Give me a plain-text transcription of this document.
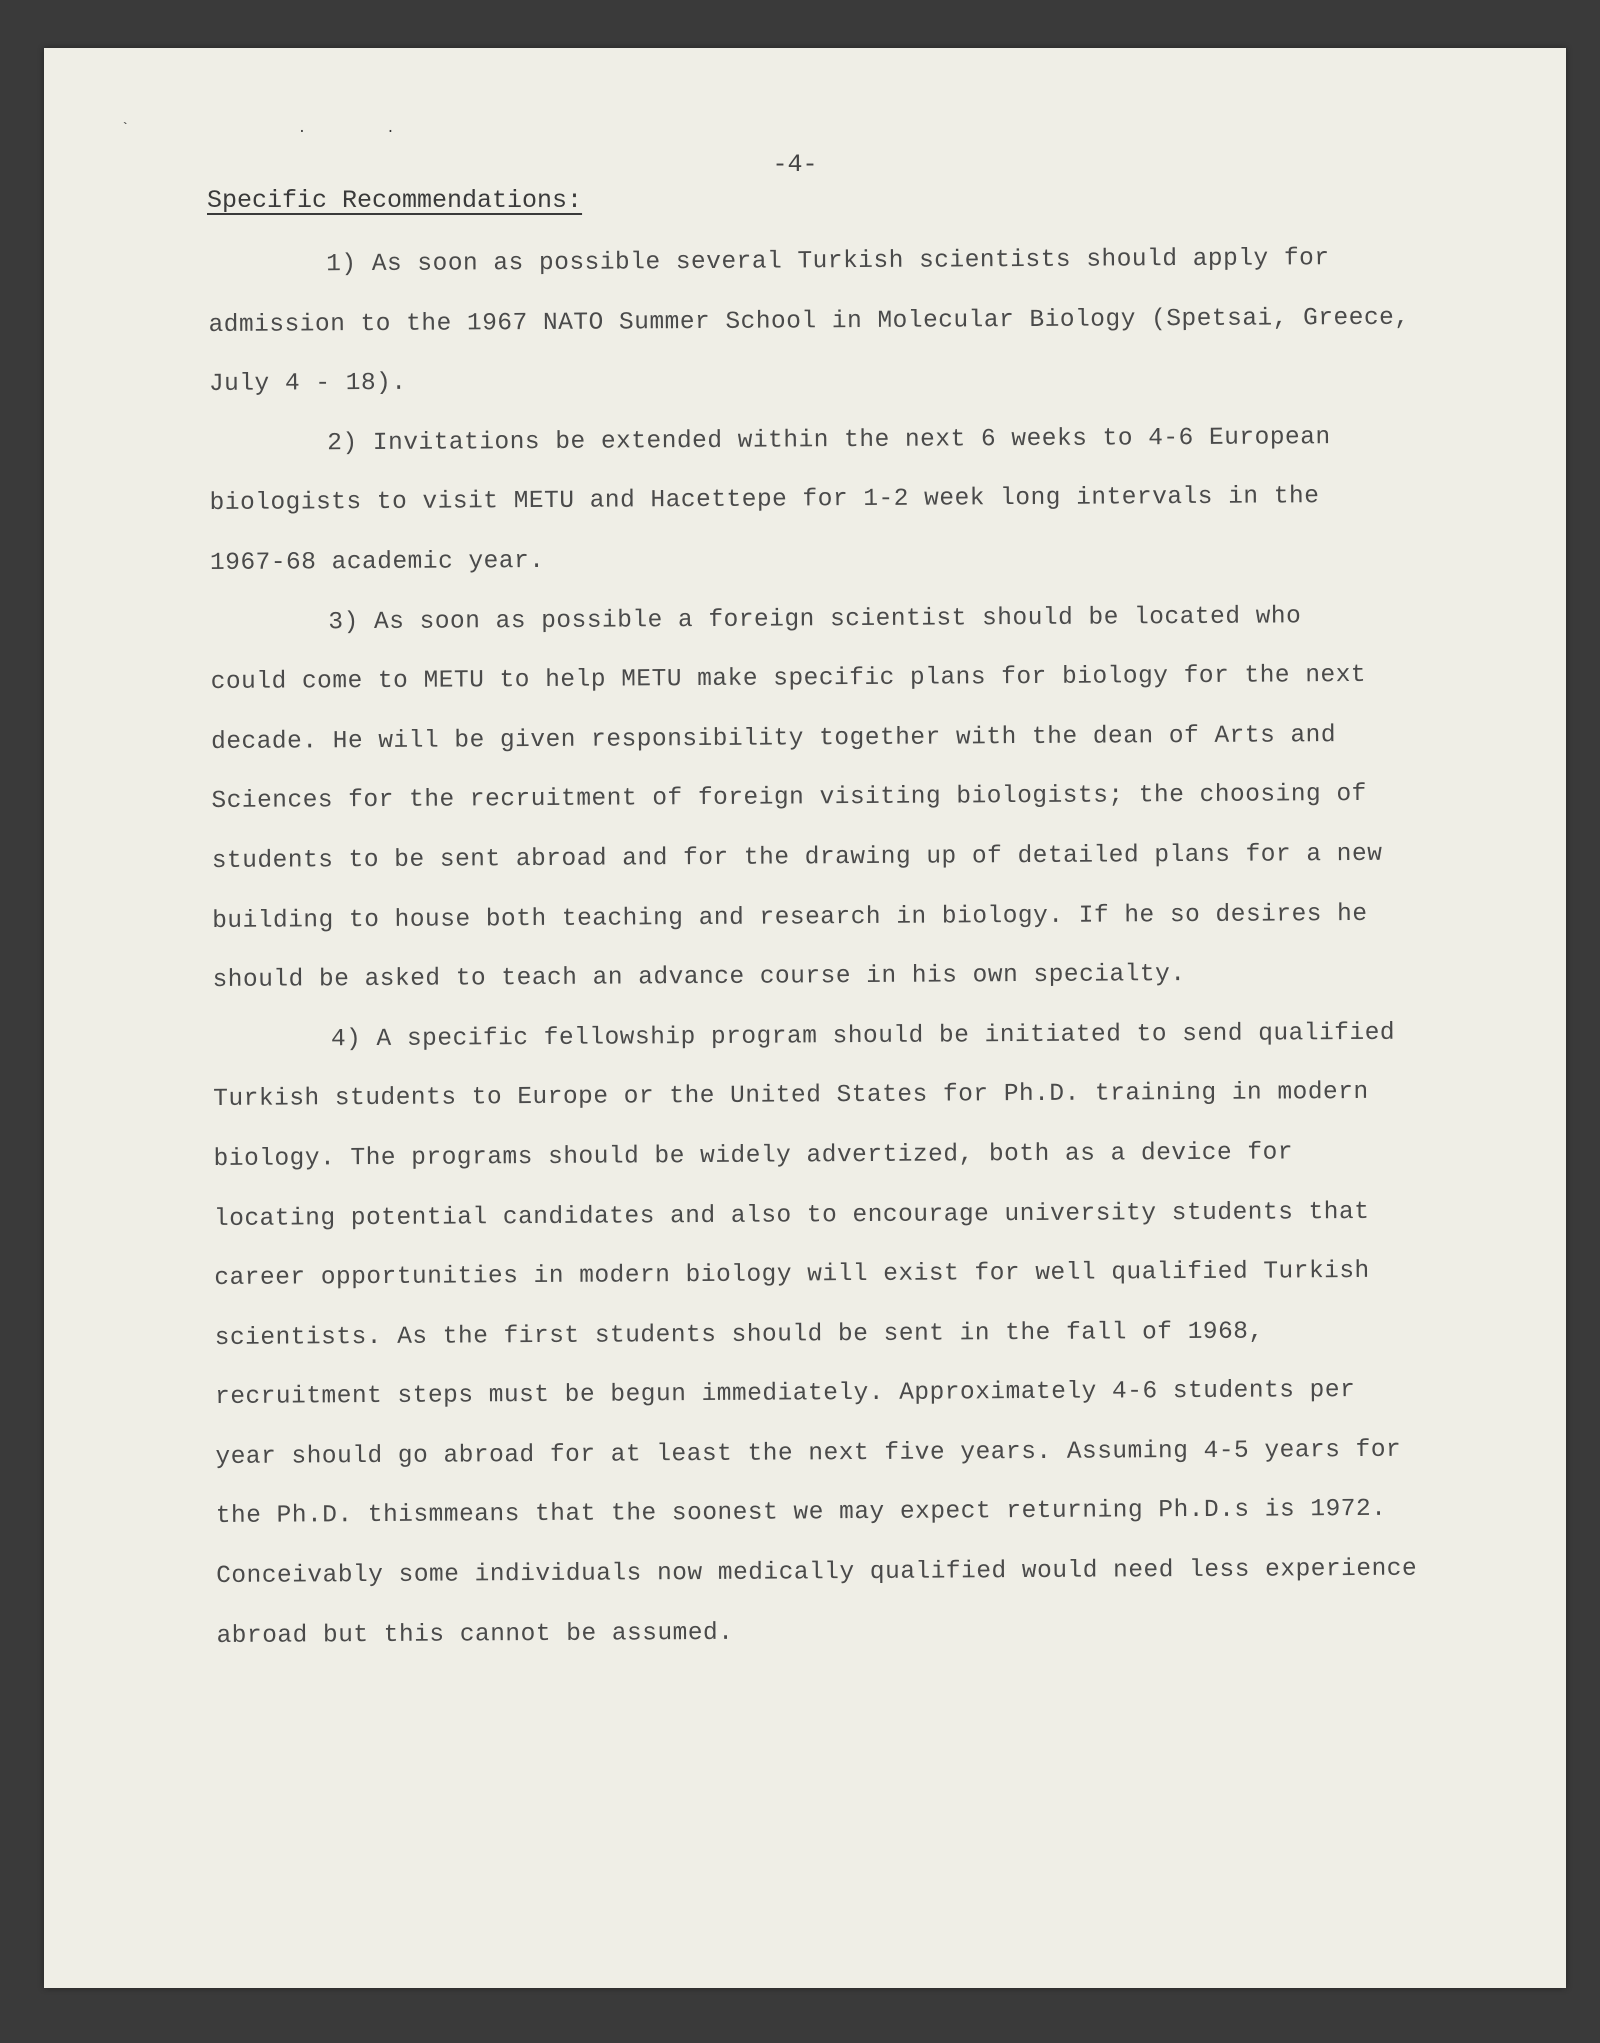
` ..
-4-
Specific Recommendations:
1) As soon as possible several Turkish scientists should apply for
admission to the 1967 NATO Summer School in Molecular Biology (Spetsai, Greece,
July 4 - 18).
2) Invitations be extended within the next 6 weeks to 4-6 European
biologists to visit METU and Hacettepe for 1-2 week long intervals in the
1967-68 academic year.
3) As soon as possible a foreign scientist should be located who
could come to METU to help METU make specific plans for biology for the next
decade. He will be given responsibility together with the dean of Arts and
Sciences for the recruitment of foreign visiting biologists; the choosing of
students to be sent abroad and for the drawing up of detailed plans for a new
building to house both teaching and research in biology. If he so desires he
should be asked to teach an advance course in his own specialty.
4) A specific fellowship program should be initiated to send qualified
Turkish students to Europe or the United States for Ph.D. training in modern
biology. The programs should be widely advertized, both as a device for
locating potential candidates and also to encourage university students that
career opportunities in modern biology will exist for well qualified Turkish
scientists. As the first students should be sent in the fall of 1968,
recruitment steps must be begun immediately. Approximately 4-6 students per
year should go abroad for at least the next five years. Assuming 4-5 years for
the Ph.D. thismmeans that the soonest we may expect returning Ph.D.s is 1972.
Conceivably some individuals now medically qualified would need less experience
abroad but this cannot be assumed.
